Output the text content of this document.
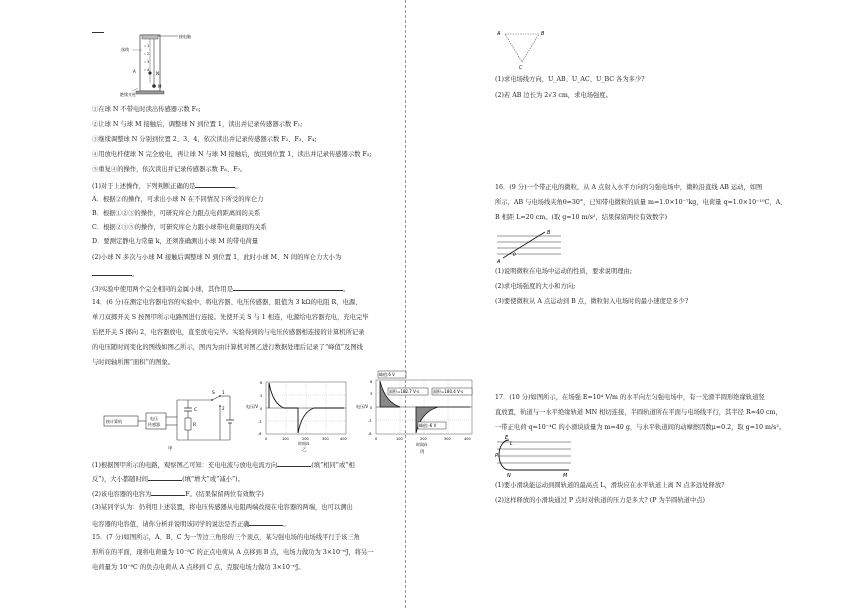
接电脑
丝线
A	N
M
绝缘支柱
1
2
3
4
①在球 N 不带电时读出传感器示数 F₀;
②让球 N 与球 M 接触后，调整球 N 到位置 1，读出并记录传感器示数 F₁;
③继续调整球 N 分别到位置 2、3、4，依次读出并记录传感器示数 F₂、F₃、F₄;
④用放电杆使球 N 完全放电，再让球 N 与球 M 接触后，放回到位置 1，读出并记录传感器示数 F₅;
⑤重复④的操作，依次读出并记录传感器示数 F₆、F₇。
(1)对于上述操作，下列判断正确的是	。
A．根据②的操作，可求出小球 N 在不同情况下所受的库仑力
B．根据①②③的操作，可研究库仑力跟点电荷距离间的关系
C．根据②③⑤的操作，可研究库仑力跟小球带电荷量间的关系
D．要测定静电力常量 k，还须准确测出小球 M 的带电荷量
(2)小球 N 多次与小球 M 接触后调整球 N 到位置 1，此时小球 M、N 间的库仑力大小为
。
(3)实验中使用两个完全相同的金属小球，其作用是	。
14．(6 分)在测定电容器电容的实验中，将电容器、电压传感器、阻值为 3 kΩ的电阻 R、电源、
单刀双掷开关 S 按图甲所示电路图进行连接。先使开关 S 与 1 相连，电源给电容器充电，充电完毕
后把开关 S 掷向 2，电容器放电，直至放电完毕。实验得到的与电压传感器相连接的计算机所记录
的电压随时间变化的图线如图乙所示，图丙为由计算机对图乙进行数据处理后记录了“峰值”及图线
与时间轴所围“面积”的图象。
接计算机
电压
传感器
C
R
S 1
2
甲
电压/V
6
3
0
-3
-6
0	100	200	300	400
时间/s
乙
峰值:6 V
面积=182.7 V·s	面积=180.4 V·s
峰值:-6 V
电压/V
6
3
0
-3
-6
0	100	200	300	400
时间/s
丙
(1)根据图甲所示的电路，观察图乙可知：充电电流与放电电流方向	(填“相同”或“相
反”)，大小都随时间	(填“增大”或“减小”)。
(2)该电容器的电容为	F。(结果保留两位有效数字)
(3)某同学认为：仍利用上述装置，将电压传感器从电阻两端改接在电容器的两端，也可以测出
电容器的电容值，请你分析并说明该同学的说法是否正确	。
15．(7 分)如图所示，A、B、C 为一等边三角形的三个顶点，某匀强电场的电场线平行于该三角
形所在的平面，现将电荷量为 10⁻⁸C 的正点电荷从 A 点移到 B 点，电场力做功为 3×10⁻⁶J，将另一
电荷量为 10⁻⁸C 的负点电荷从 A 点移到 C 点，克服电场力做功 3×10⁻⁶J。
A	B
C
(1)求电场线方向，U_AB、U_AC、U_BC 各为多少?
(2)若 AB 边长为 2√3 cm，求电场强度。
16．(9 分)一个带正电的微粒，从 A 点射入水平方向的匀强电场中，微粒沿直线 AB 运动，如图
所示，AB 与电场线夹角θ=30°，已知带电微粒的质量 m=1.0×10⁻⁷kg，电荷量 q=1.0×10⁻¹⁰C，A、
B 相距 L=20 cm。(取 g=10 m/s²，结果保留两位有效数字)
B
A
θ
(1)说明微粒在电场中运动的性质，要求说明理由;
(2)求电场强度的大小和方向;
(3)要使微粒从 A 点运动到 B 点，微粒射入电场时的最小速度是多少?
17．(10 分)如图所示，在场强 E=10⁴ V/m 的水平向左匀强电场中，有一光滑半圆形绝缘轨道竖
直放置，轨道与一水平绝缘轨道 MN 相切连接，半圆轨道所在平面与电场线平行，其半径 R=40 cm，
一带正电荷 q=10⁻⁴C 的小滑块质量为 m=40 g，与水平轨道间的动摩擦因数μ=0.2，取 g=10 m/s²。
E
L
P
N	M
(1)要小滑块能运动到圆轨道的最高点 L，滑块应在水平轨道上离 N 点多远处释放?
(2)这样释放的小滑块通过 P 点时对轨道的压力是多大? (P 为半圆轨道中点)
